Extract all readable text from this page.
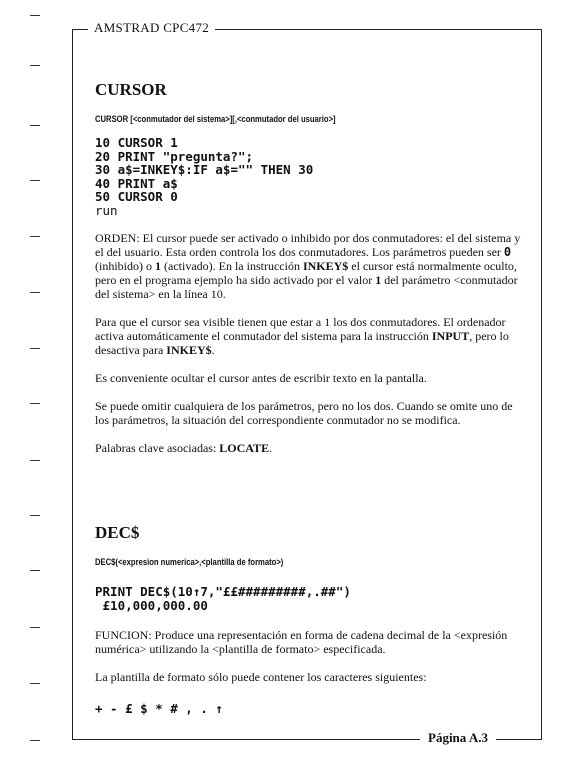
AMSTRAD CPC472
Página A.3
CURSOR
CURSOR [<conmutador del sistema>][,<conmutador del usuario>]
10 CURSOR 1
20 PRINT "pregunta?";
30 a$=INKEY$:IF a$="" THEN 30
40 PRINT a$
50 CURSOR 0
run

ORDEN: El cursor puede ser activado o inhibido por dos conmutadores: el del sistema y el del usuario. Esta orden controla los dos conmutadores. Los parámetros pueden ser 0 (inhibido) o 1 (activado). En la instrucción INKEY$ el cursor está normalmente oculto, pero en el programa ejemplo ha sido activado por el valor 1 del parámetro <conmutador del sistema> en la línea 10.

Para que el cursor sea visible tienen que estar a 1 los dos conmutadores. El ordenador activa automáticamente el conmutador del sistema para la instrucción INPUT, pero lo desactiva para INKEY$.

Es conveniente ocultar el cursor antes de escribir texto en la pantalla.

Se puede omitir cualquiera de los parámetros, pero no los dos. Cuando se omite uno de los parámetros, la situación del correspondiente conmutador no se modifica.

Palabras clave asociadas: LOCATE.

DEC$
DEC$(<expresion numerica>,<plantilla de formato>)
PRINT DEC$(10↑7,"££#########,.##")
£10,000,000.00

FUNCION: Produce una representación en forma de cadena decimal de la <expresión numérica> utilizando la <plantilla de formato> especificada.

La plantilla de formato sólo puede contener los caracteres siguientes:

+ - £ $ * # , . ↑
